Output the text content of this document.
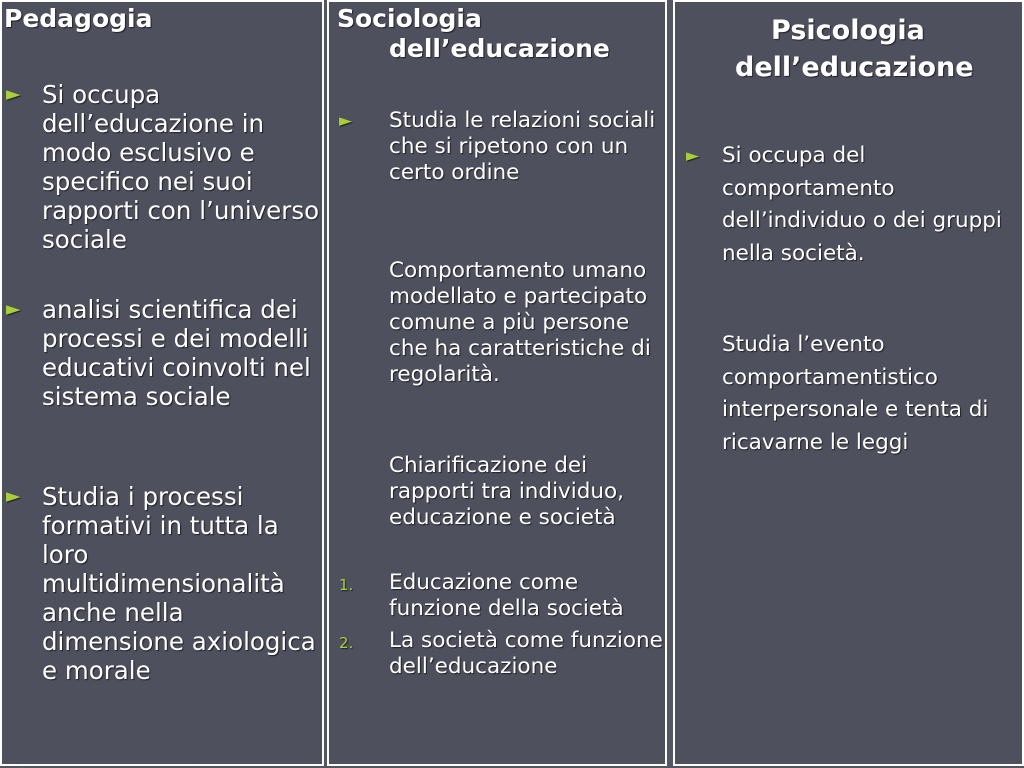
Pedagogia
► Si occupa dell’educazione in modo esclusivo e specifico nei suoi rapporti con l’universo sociale
► analisi scientifica dei processi e dei modelli educativi coinvolti nel sistema sociale
► Studia i processi formativi in tutta la loro multidimensionalità anche nella dimensione axiologica e morale
Sociologia
dell’educazione
► Studia le relazioni sociali che si ripetono con un certo ordine
Comportamento umano modellato e partecipato comune a più persone che ha caratteristiche di regolarità.
Chiarificazione dei rapporti tra individuo, educazione e società
1. Educazione come funzione della società
2. La società come funzione dell’educazione
Psicologia
dell’educazione
► Si occupa del comportamento dell’individuo o dei gruppi nella società.
Studia l’evento comportamentistico interpersonale e tenta di ricavarne le leggi
